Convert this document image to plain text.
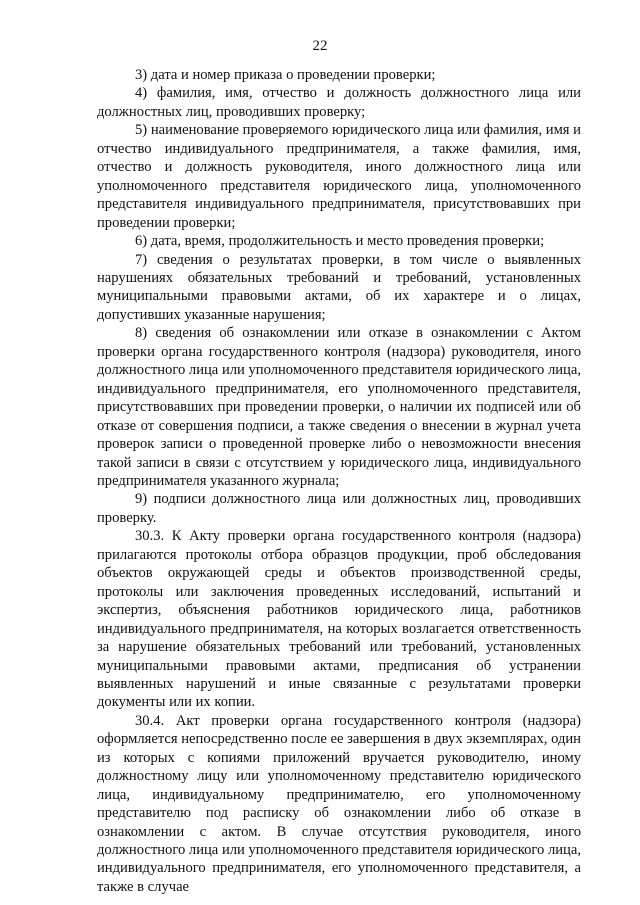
22

3) дата и номер приказа о проведении проверки;

4) фамилия, имя, отчество и должность должностного лица или должностных лиц, проводивших проверку;

5) наименование проверяемого юридического лица или фамилия, имя и отчество индивидуального предпринимателя, а также фамилия, имя, отчество и должность руководителя, иного должностного лица или уполномоченного представителя юридического лица, уполномоченного представителя индивидуального предпринимателя, присутствовавших при проведении проверки;

6) дата, время, продолжительность и место проведения проверки;

7) сведения о результатах проверки, в том числе о выявленных нарушениях обязательных требований и требований, установленных муниципальными правовыми актами, об их характере и о лицах, допустивших указанные нарушения;

8) сведения об ознакомлении или отказе в ознакомлении с Актом проверки органа государственного контроля (надзора) руководителя, иного должностного лица или уполномоченного представителя юридического лица, индивидуального предпринимателя, его уполномоченного представителя, присутствовавших при проведении проверки, о наличии их подписей или об отказе от совершения подписи, а также сведения о внесении в журнал учета проверок записи о проведенной проверке либо о невозможности внесения такой записи в связи с отсутствием у юридического лица, индивидуального предпринимателя указанного журнала;

9) подписи должностного лица или должностных лиц, проводивших проверку.

30.3. К Акту проверки органа государственного контроля (надзора) прилагаются протоколы отбора образцов продукции, проб обследования объектов окружающей среды и объектов производственной среды, протоколы или заключения проведенных исследований, испытаний и экспертиз, объяснения работников юридического лица, работников индивидуального предпринимателя, на которых возлагается ответственность за нарушение обязательных требований или требований, установленных муниципальными правовыми актами, предписания об устранении выявленных нарушений и иные связанные с результатами проверки документы или их копии.

30.4. Акт проверки органа государственного контроля (надзора) оформляется непосредственно после ее завершения в двух экземплярах, один из которых с копиями приложений вручается руководителю, иному должностному лицу или уполномоченному представителю юридического лица, индивидуальному предпринимателю, его уполномоченному представителю под расписку об ознакомлении либо об отказе в ознакомлении с актом. В случае отсутствия руководителя, иного должностного лица или уполномоченного представителя юридического лица, индивидуального предпринимателя, его уполномоченного представителя, а также в случае
